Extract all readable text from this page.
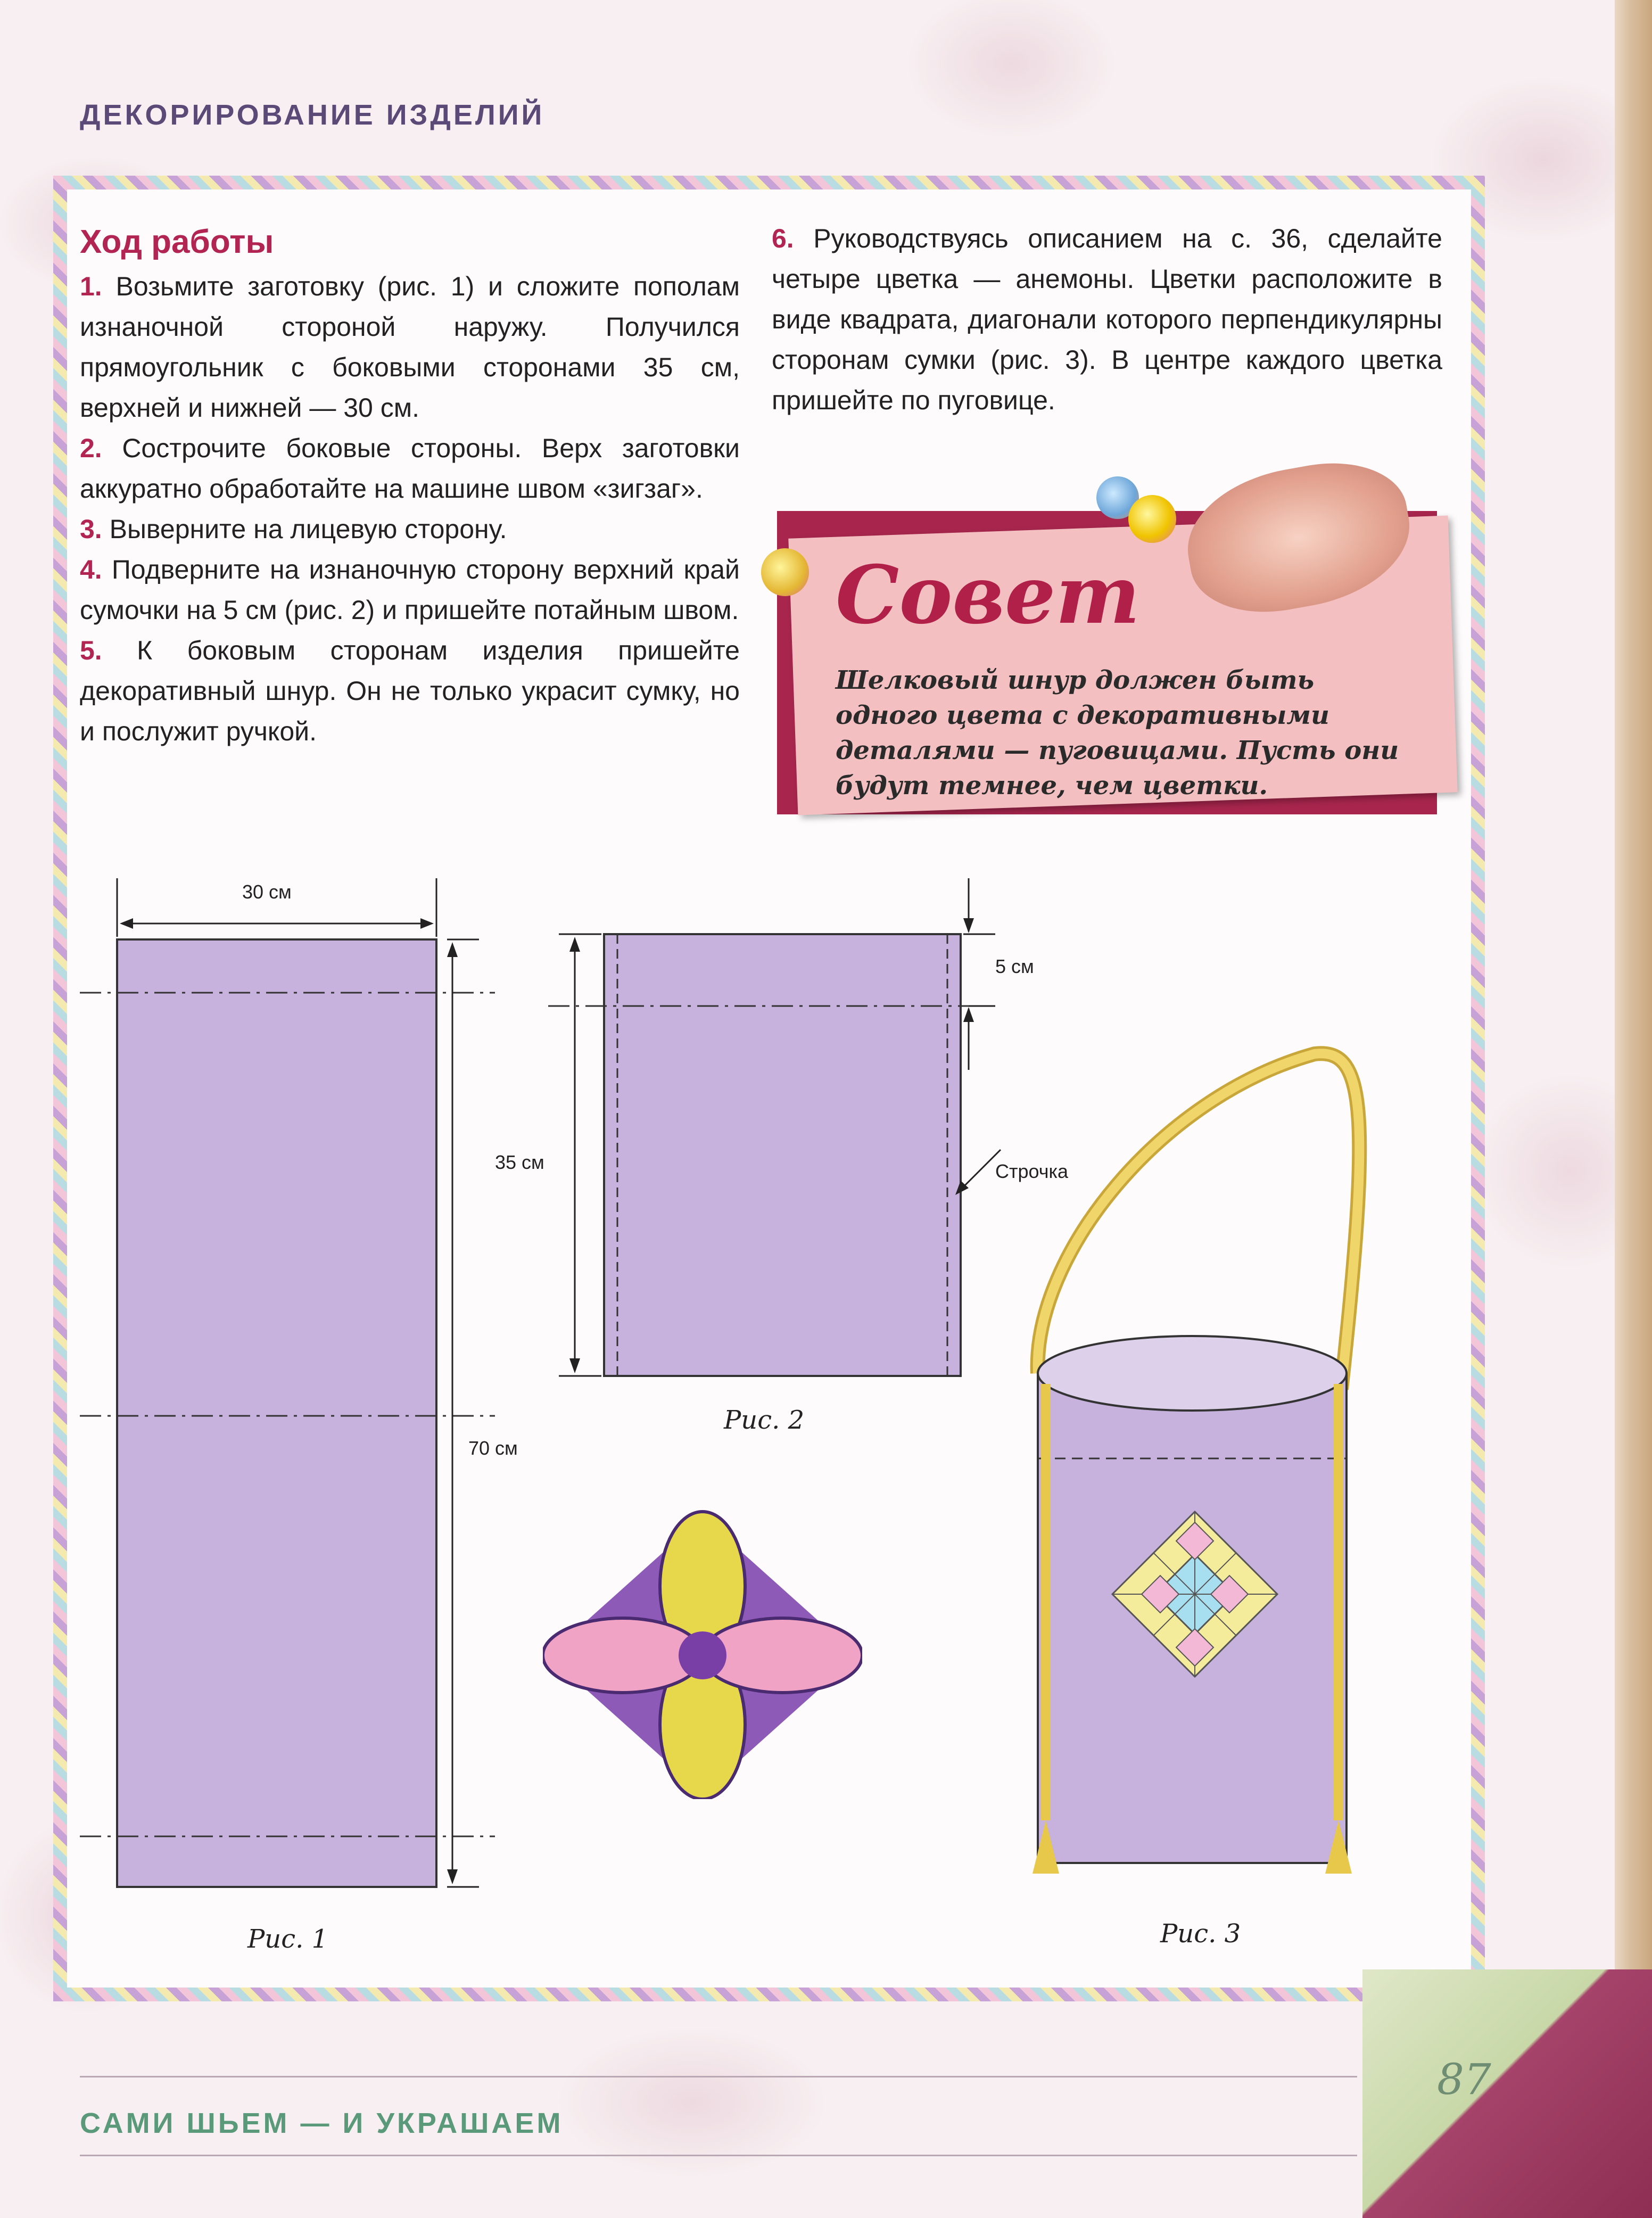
ДЕКОРИРОВАНИЕ ИЗДЕЛИЙ
Ход работы

1. Возьмите заготовку (рис. 1) и сложите пополам изнаночной стороной наружу. Получился прямоугольник с боковыми сторонами 35 см, верхней и нижней — 30 см.

2. Сострочите боковые стороны. Верх заготовки аккуратно обработайте на машине швом «зигзаг».

3. Выверните на лицевую сторону.

4. Подверните на изнаночную сторону верхний край сумочки на 5 см (рис. 2) и пришейте потайным швом.

5. К боковым сторонам изделия пришейте декоративный шнур. Он не только украсит сумку, но и послужит ручкой.

6. Руководствуясь описанием на с. 36, сделайте четыре цветка — анемоны. Цветки расположите в виде квадрата, диагонали которого перпендикулярны сторонам сумки (рис. 3). В центре каждого цветка пришейте по пуговице.

Совет
Шелковый шнур должен быть одного цвета с декоративными деталями — пуговицами. Пусть они будут темнее, чем цветки.
30 см
70 см
Рис. 1
5 см
35 см	Строчка
Рис. 2
Рис. 3
САМИ ШЬЕМ — И УКРАШАЕМ
87
